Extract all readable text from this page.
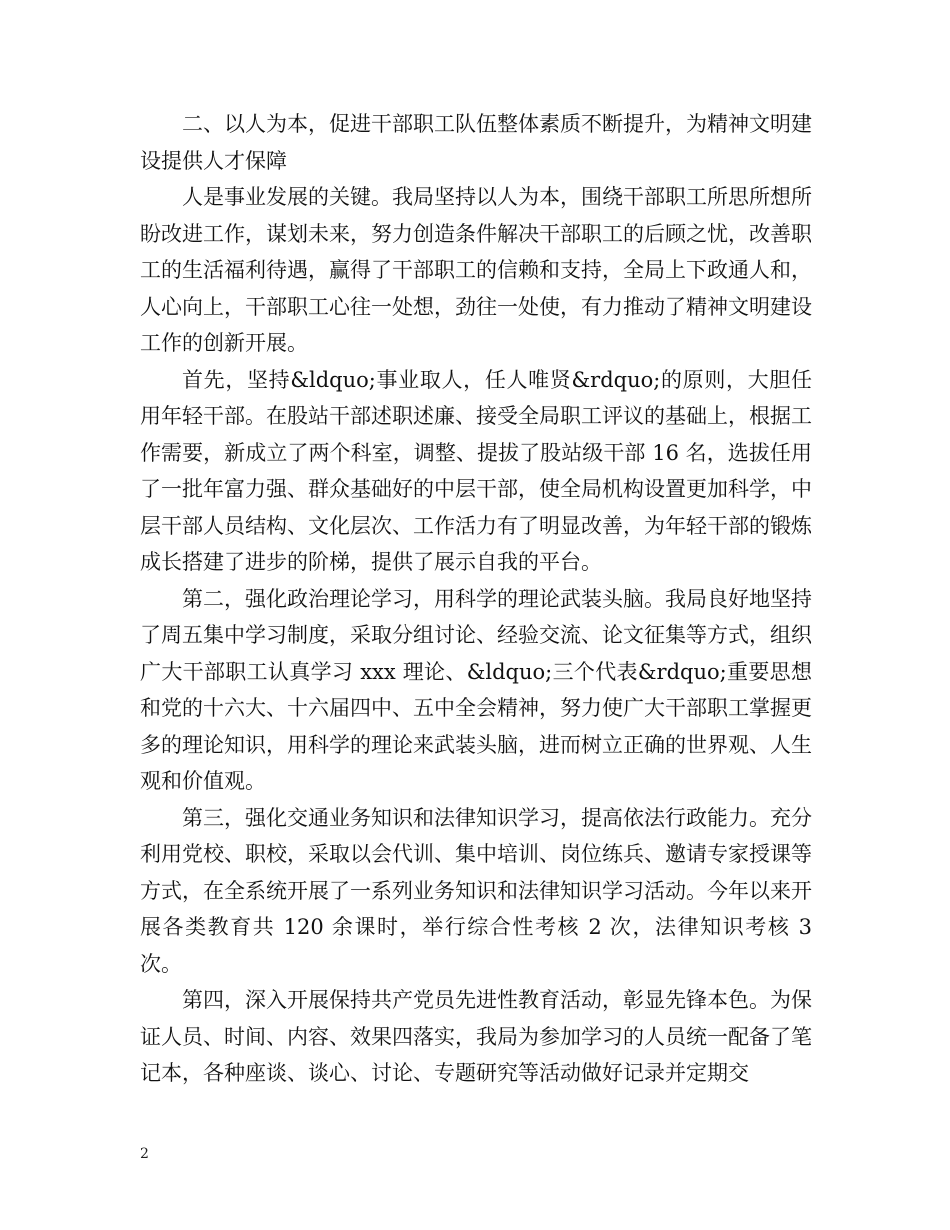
二、以人为本，促进干部职工队伍整体素质不断提升，为精神文明建设提供人才保障

人是事业发展的关键。我局坚持以人为本，围绕干部职工所思所想所盼改进工作，谋划未来，努力创造条件解决干部职工的后顾之忧，改善职工的生活福利待遇，赢得了干部职工的信赖和支持，全局上下政通人和，人心向上，干部职工心往一处想，劲往一处使，有力推动了精神文明建设工作的创新开展。

首先，坚持&ldquo;事业取人，任人唯贤&rdquo;的原则，大胆任用年轻干部。在股站干部述职述廉、接受全局职工评议的基础上，根据工作需要，新成立了两个科室，调整、提拔了股站级干部 16 名，选拔任用了一批年富力强、群众基础好的中层干部，使全局机构设置更加科学，中层干部人员结构、文化层次、工作活力有了明显改善，为年轻干部的锻炼成长搭建了进步的阶梯，提供了展示自我的平台。

第二，强化政治理论学习，用科学的理论武装头脑。我局良好地坚持了周五集中学习制度，采取分组讨论、经验交流、论文征集等方式，组织广大干部职工认真学习 xxx 理论、&ldquo;三个代表&rdquo;重要思想和党的十六大、十六届四中、五中全会精神，努力使广大干部职工掌握更多的理论知识，用科学的理论来武装头脑，进而树立正确的世界观、人生观和价值观。

第三，强化交通业务知识和法律知识学习，提高依法行政能力。充分利用党校、职校，采取以会代训、集中培训、岗位练兵、邀请专家授课等方式，在全系统开展了一系列业务知识和法律知识学习活动。今年以来开展各类教育共 120 余课时，举行综合性考核 2 次，法律知识考核 3 次。

第四，深入开展保持共产党员先进性教育活动，彰显先锋本色。为保证人员、时间、内容、效果四落实，我局为参加学习的人员统一配备了笔记本，各种座谈、谈心、讨论、专题研究等活动做好记录并定期交

2
